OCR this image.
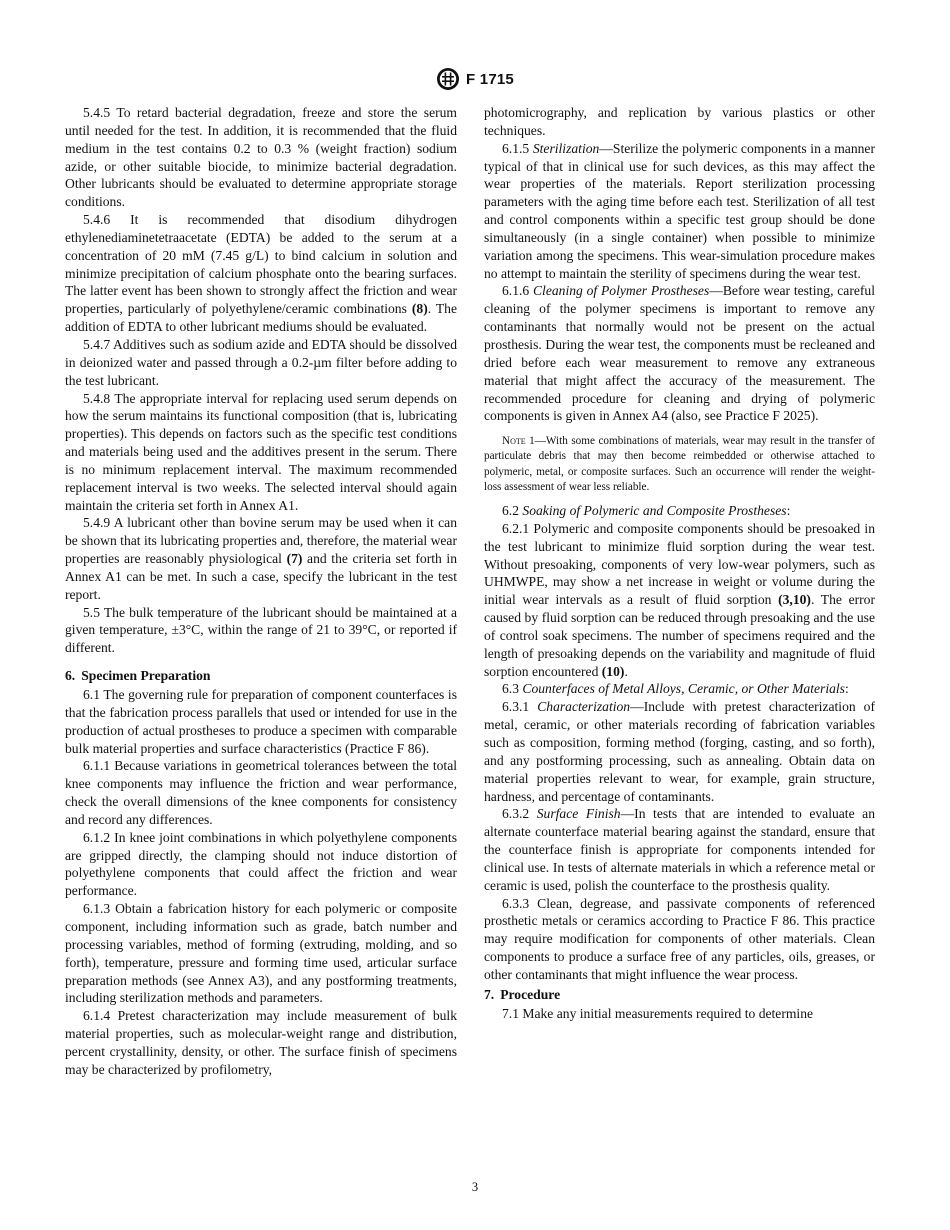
F 1715

5.4.5 To retard bacterial degradation, freeze and store the serum until needed for the test. In addition, it is recommended that the fluid medium in the test contains 0.2 to 0.3 % (weight fraction) sodium azide, or other suitable biocide, to minimize bacterial degradation. Other lubricants should be evaluated to determine appropriate storage conditions.

5.4.6 It is recommended that disodium dihydrogen ethylenediaminetetraacetate (EDTA) be added to the serum at a concentration of 20 mM (7.45 g/L) to bind calcium in solution and minimize precipitation of calcium phosphate onto the bearing surfaces. The latter event has been shown to strongly affect the friction and wear properties, particularly of polyethylene/ceramic combinations (8). The addition of EDTA to other lubricant mediums should be evaluated.

5.4.7 Additives such as sodium azide and EDTA should be dissolved in deionized water and passed through a 0.2-µm filter before adding to the test lubricant.

5.4.8 The appropriate interval for replacing used serum depends on how the serum maintains its functional composition (that is, lubricating properties). This depends on factors such as the specific test conditions and materials being used and the additives present in the serum. There is no minimum replacement interval. The maximum recommended replacement interval is two weeks. The selected interval should again maintain the criteria set forth in Annex A1.

5.4.9 A lubricant other than bovine serum may be used when it can be shown that its lubricating properties and, therefore, the material wear properties are reasonably physiological (7) and the criteria set forth in Annex A1 can be met. In such a case, specify the lubricant in the test report.

5.5 The bulk temperature of the lubricant should be maintained at a given temperature, ±3°C, within the range of 21 to 39°C, or reported if different.

6. Specimen Preparation

6.1 The governing rule for preparation of component counterfaces is that the fabrication process parallels that used or intended for use in the production of actual prostheses to produce a specimen with comparable bulk material properties and surface characteristics (Practice F 86).

6.1.1 Because variations in geometrical tolerances between the total knee components may influence the friction and wear performance, check the overall dimensions of the knee components for consistency and record any differences.

6.1.2 In knee joint combinations in which polyethylene components are gripped directly, the clamping should not induce distortion of polyethylene components that could affect the friction and wear performance.

6.1.3 Obtain a fabrication history for each polymeric or composite component, including information such as grade, batch number and processing variables, method of forming (extruding, molding, and so forth), temperature, pressure and forming time used, articular surface preparation methods (see Annex A3), and any postforming treatments, including sterilization methods and parameters.

6.1.4 Pretest characterization may include measurement of bulk material properties, such as molecular-weight range and distribution, percent crystallinity, density, or other. The surface finish of specimens may be characterized by profilometry,

photomicrography, and replication by various plastics or other techniques.

6.1.5 Sterilization—Sterilize the polymeric components in a manner typical of that in clinical use for such devices, as this may affect the wear properties of the materials. Report sterilization processing parameters with the aging time before each test. Sterilization of all test and control components within a specific test group should be done simultaneously (in a single container) when possible to minimize variation among the specimens. This wear-simulation procedure makes no attempt to maintain the sterility of specimens during the wear test.

6.1.6 Cleaning of Polymer Prostheses—Before wear testing, careful cleaning of the polymer specimens is important to remove any contaminants that normally would not be present on the actual prosthesis. During the wear test, the components must be recleaned and dried before each wear measurement to remove any extraneous material that might affect the accuracy of the measurement. The recommended procedure for cleaning and drying of polymeric components is given in Annex A4 (also, see Practice F 2025).

Note 1—With some combinations of materials, wear may result in the transfer of particulate debris that may then become reimbedded or otherwise attached to polymeric, metal, or composite surfaces. Such an occurrence will render the weight-loss assessment of wear less reliable.

6.2 Soaking of Polymeric and Composite Prostheses:

6.2.1 Polymeric and composite components should be presoaked in the test lubricant to minimize fluid sorption during the wear test. Without presoaking, components of very low-wear polymers, such as UHMWPE, may show a net increase in weight or volume during the initial wear intervals as a result of fluid sorption (3,10). The error caused by fluid sorption can be reduced through presoaking and the use of control soak specimens. The number of specimens required and the length of presoaking depends on the variability and magnitude of fluid sorption encountered (10).

6.3 Counterfaces of Metal Alloys, Ceramic, or Other Materials:

6.3.1 Characterization—Include with pretest characterization of metal, ceramic, or other materials recording of fabrication variables such as composition, forming method (forging, casting, and so forth), and any postforming processing, such as annealing. Obtain data on material properties relevant to wear, for example, grain structure, hardness, and percentage of contaminants.

6.3.2 Surface Finish—In tests that are intended to evaluate an alternate counterface material bearing against the standard, ensure that the counterface finish is appropriate for components intended for clinical use. In tests of alternate materials in which a reference metal or ceramic is used, polish the counterface to the prosthesis quality.

6.3.3 Clean, degrease, and passivate components of referenced prosthetic metals or ceramics according to Practice F 86. This practice may require modification for components of other materials. Clean components to produce a surface free of any particles, oils, greases, or other contaminants that might influence the wear process.

7. Procedure

7.1 Make any initial measurements required to determine

3
